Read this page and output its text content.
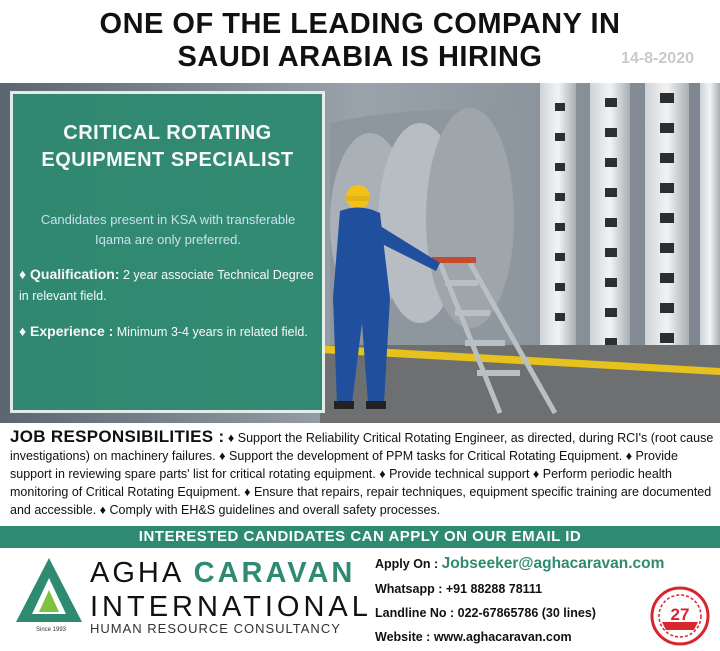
ONE OF THE LEADING COMPANY IN
SAUDI ARABIA IS HIRING	14-8-2020
CRITICAL ROTATING
EQUIPMENT SPECIALIST
Candidates present in KSA with transferable Iqama are only preferred.
♦ Qualification: 2 year associate Technical Degree in relevant field.
♦ Experience : Minimum 3-4 years in related field.
JOB RESPONSIBILITIES : ♦ Support the Reliability Critical Rotating Engineer, as directed, during RCI's (root cause investigations) on machinery failures. ♦ Support the development of PPM tasks for Critical Rotating Equipment. ♦ Provide support in reviewing spare parts' list for critical rotating equipment. ♦ Provide technical support ♦ Perform periodic health monitoring of Critical Rotating Equipment. ♦ Ensure that repairs, repair techniques, equipment specific training are documented and accessible. ♦ Comply with EH&S guidelines and overall safety processes.
INTERESTED CANDIDATES CAN APPLY ON OUR EMAIL ID
Since 1993
AGHA CARAVAN
INTERNATIONAL
HUMAN RESOURCE CONSULTANCY
Apply On : Jobseeker@aghacaravan.com
Whatsapp : +91 88288 78111
Landline No : 022-67865786 (30 lines)
Website : www.aghacaravan.com
27
